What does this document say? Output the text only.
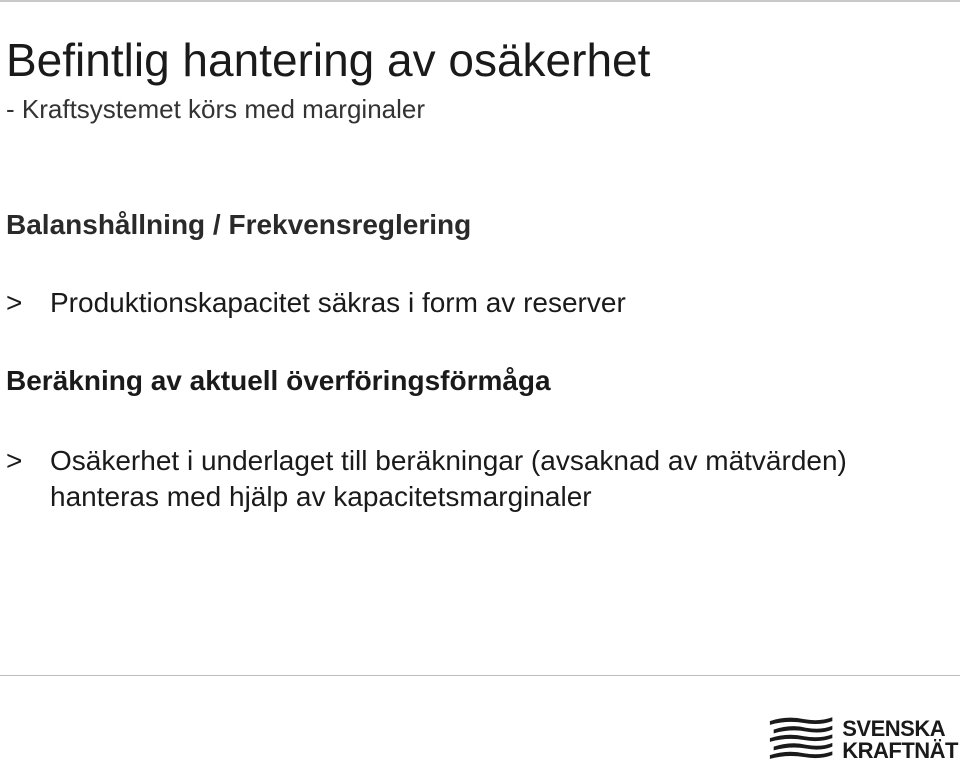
Befintlig hantering av osäkerhet
- Kraftsystemet körs med marginaler
Balanshållning / Frekvensreglering
> Produktionskapacitet säkras i form av reserver
Beräkning av aktuell överföringsförmåga
> Osäkerhet i underlaget till beräkningar (avsaknad av mätvärden) hanteras med hjälp av kapacitetsmarginaler
SVENSKA
KRAFTNÄT
